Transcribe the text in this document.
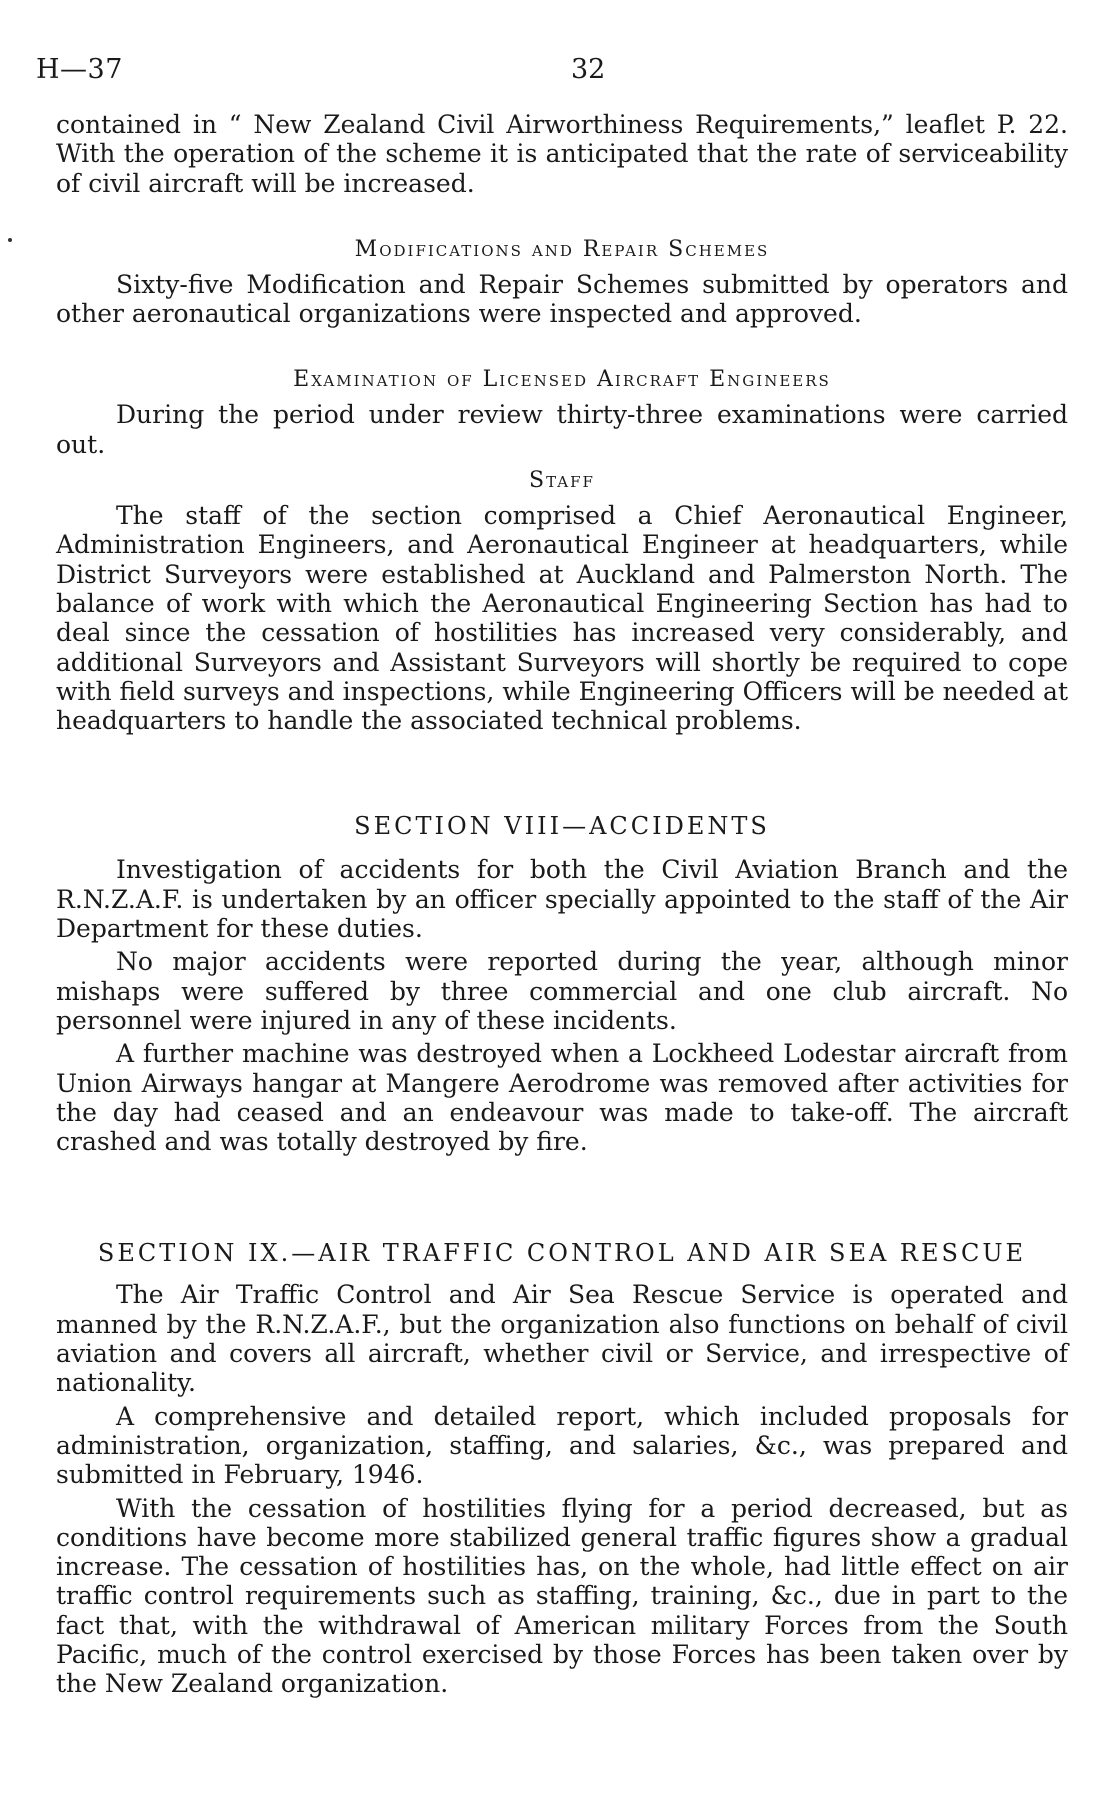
H—37	32

contained in “ New Zealand Civil Airworthiness Requirements,” leaflet P. 22. With the operation of the scheme it is anticipated that the rate of serviceability of civil aircraft will be increased.

Modifications and Repair Schemes

Sixty-five Modification and Repair Schemes submitted by operators and other aeronautical organizations were inspected and approved.

Examination of Licensed Aircraft Engineers

During the period under review thirty-three examinations were carried out.

Staff

The staff of the section comprised a Chief Aeronautical Engineer, Administration Engineers, and Aeronautical Engineer at headquarters, while District Surveyors were established at Auckland and Palmerston North. The balance of work with which the Aeronautical Engineering Section has had to deal since the cessation of hostilities has increased very considerably, and additional Surveyors and Assistant Surveyors will shortly be required to cope with field surveys and inspections, while Engineering Officers will be needed at headquarters to handle the associated technical problems.

SECTION VIII—ACCIDENTS

Investigation of accidents for both the Civil Aviation Branch and the R.N.Z.A.F. is undertaken by an officer specially appointed to the staff of the Air Department for these duties.

No major accidents were reported during the year, although minor mishaps were suffered by three commercial and one club aircraft. No personnel were injured in any of these incidents.

A further machine was destroyed when a Lockheed Lodestar aircraft from Union Airways hangar at Mangere Aerodrome was removed after activities for the day had ceased and an endeavour was made to take-off. The aircraft crashed and was totally destroyed by fire.

SECTION IX.—AIR TRAFFIC CONTROL AND AIR SEA RESCUE

The Air Traffic Control and Air Sea Rescue Service is operated and manned by the R.N.Z.A.F., but the organization also functions on behalf of civil aviation and covers all aircraft, whether civil or Service, and irrespective of nationality.

A comprehensive and detailed report, which included proposals for administration, organization, staffing, and salaries, &c., was prepared and submitted in February, 1946.

With the cessation of hostilities flying for a period decreased, but as conditions have become more stabilized general traffic figures show a gradual increase. The cessation of hostilities has, on the whole, had little effect on air traffic control requirements such as staffing, training, &c., due in part to the fact that, with the withdrawal of American military Forces from the South Pacific, much of the control exercised by those Forces has been taken over by the New Zealand organization.
